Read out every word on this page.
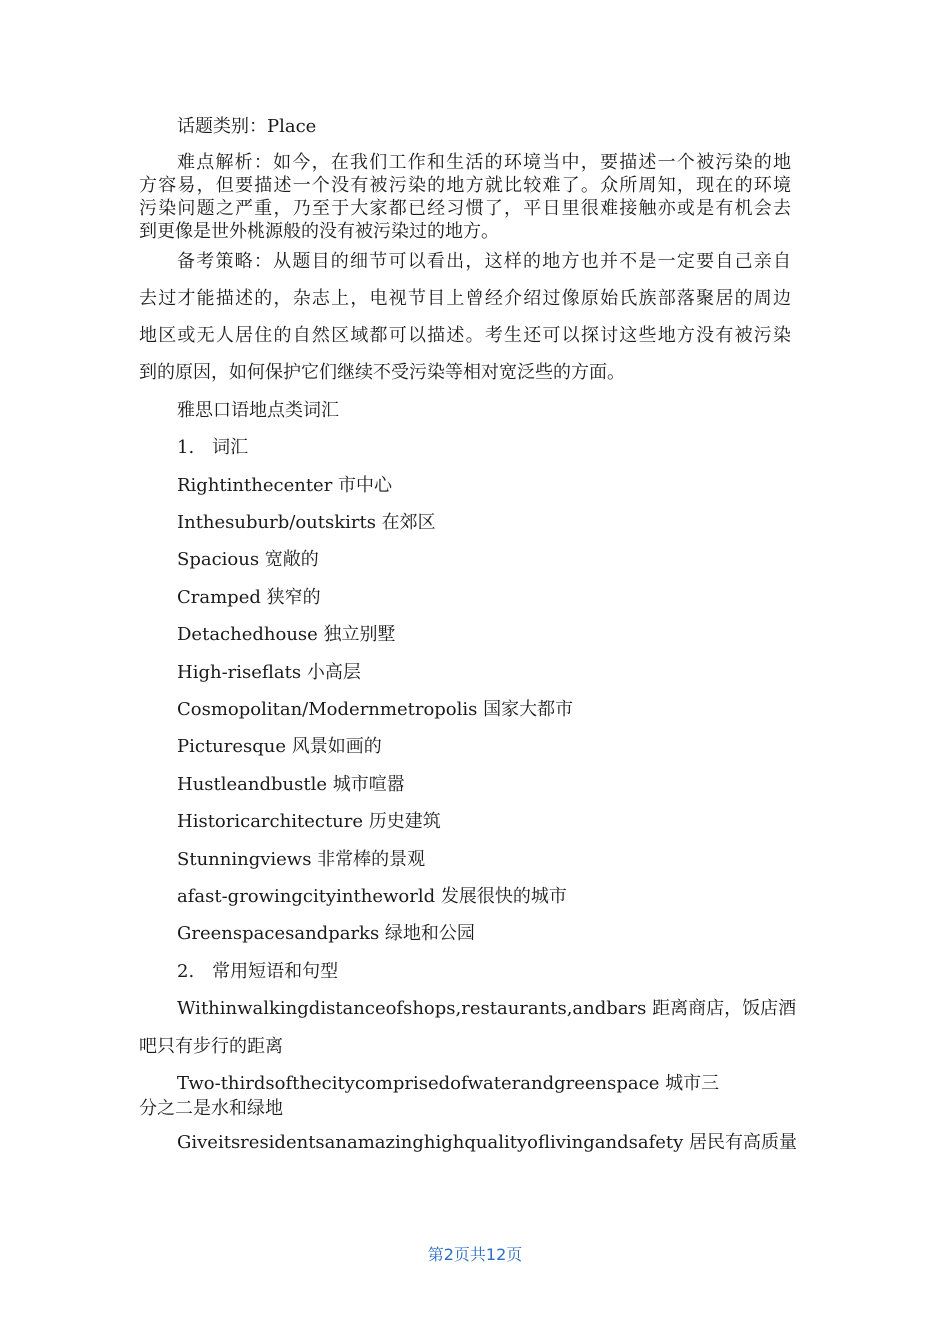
话题类别：Place
难点解析：如今，在我们工作和生活的环境当中，要描述一个被污染的地
方容易，但要描述一个没有被污染的地方就比较难了。众所周知，现在的环境
污染问题之严重，乃至于大家都已经习惯了，平日里很难接触亦或是有机会去
到更像是世外桃源般的没有被污染过的地方。
备考策略：从题目的细节可以看出，这样的地方也并不是一定要自己亲自
去过才能描述的，杂志上，电视节目上曾经介绍过像原始氏族部落聚居的周边
地区或无人居住的自然区域都可以描述。考生还可以探讨这些地方没有被污染
到的原因，如何保护它们继续不受污染等相对宽泛些的方面。
雅思口语地点类词汇
1.　词汇
Rightinthecenter 市中心
Inthesuburb/outskirts 在郊区
Spacious 宽敞的
Cramped 狭窄的
Detachedhouse 独立别墅
High-riseflats 小高层
Cosmopolitan/Modernmetropolis 国家大都市
Picturesque 风景如画的
Hustleandbustle 城市喧嚣
Historicarchitecture 历史建筑
Stunningviews 非常棒的景观
afast-growingcityintheworld 发展很快的城市
Greenspacesandparks 绿地和公园
2.　常用短语和句型
Withinwalkingdistanceofshops,restaurants,andbars 距离商店，饭店酒
吧只有步行的距离
Two-thirdsofthecitycomprisedofwaterandgreenspace 城市三
分之二是水和绿地
Giveitsresidentsanamazinghighqualityoflivingandsafety 居民有高质量
第2页共12页
